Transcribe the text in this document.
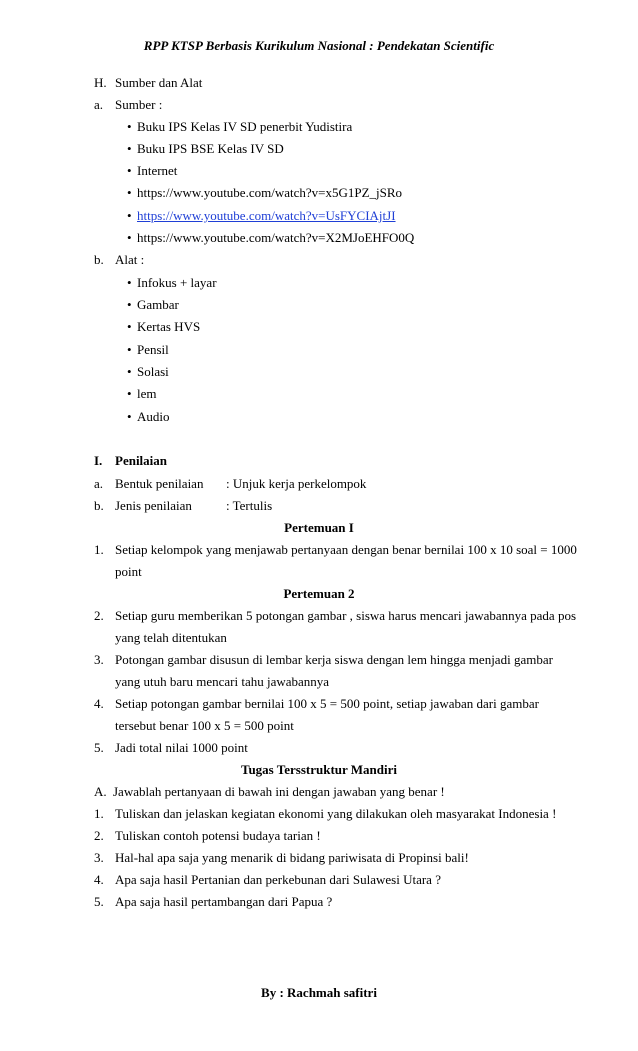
RPP KTSP Berbasis Kurikulum Nasional : Pendekatan Scientific
H. Sumber dan Alat
a. Sumber :
• Buku IPS Kelas IV SD penerbit Yudistira
• Buku IPS BSE Kelas IV SD
• Internet
• https://www.youtube.com/watch?v=x5G1PZ_jSRo
• https://www.youtube.com/watch?v=UsFYCIAjtJI
• https://www.youtube.com/watch?v=X2MJoEHFO0Q
b. Alat :
• Infokus + layar
• Gambar
• Kertas HVS
• Pensil
• Solasi
• lem
• Audio
I. Penilaian
a. Bentuk penilaian : Unjuk kerja perkelompok
b. Jenis penilaian	: Tertulis
Pertemuan I
1. Setiap kelompok yang menjawab pertanyaan dengan benar bernilai 100 x 10 soal = 1000
point
Pertemuan 2
2. Setiap guru memberikan 5 potongan gambar , siswa harus mencari jawabannya pada pos
yang telah ditentukan
3. Potongan gambar disusun di lembar kerja siswa dengan lem hingga menjadi gambar
yang utuh baru mencari tahu jawabannya
4. Setiap potongan gambar bernilai 100 x 5 = 500 point, setiap jawaban dari gambar
tersebut benar 100 x 5 = 500 point
5. Jadi total nilai 1000 point
Tugas Tersstruktur Mandiri
A. Jawablah pertanyaan di bawah ini dengan jawaban yang benar !
1. Tuliskan dan jelaskan kegiatan ekonomi yang dilakukan oleh masyarakat Indonesia !
2. Tuliskan contoh potensi budaya tarian !
3. Hal-hal apa saja yang menarik di bidang pariwisata di Propinsi bali!
4. Apa saja hasil Pertanian dan perkebunan dari Sulawesi Utara ?
5. Apa saja hasil pertambangan dari Papua ?
By : Rachmah safitri
